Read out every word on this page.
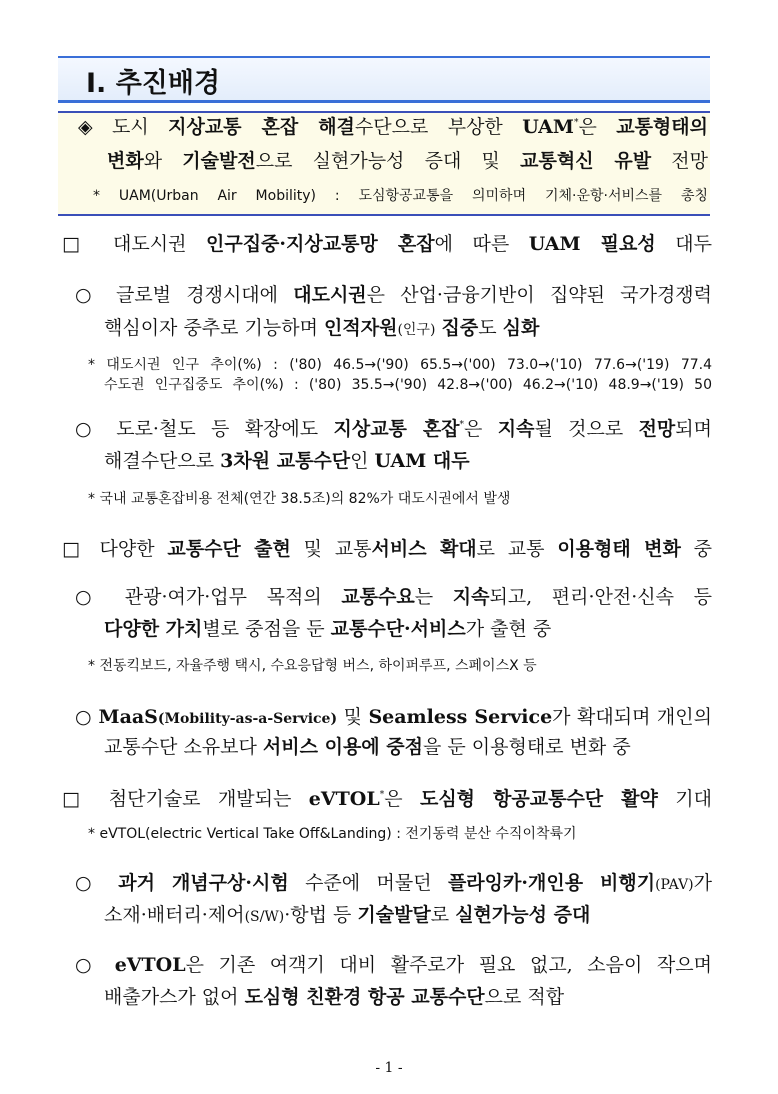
Ⅰ. 추진배경
◈ 도시 지상교통 혼잡 해결수단으로 부상한 UAM*은 교통형태의
변화와 기술발전으로 실현가능성 증대 및 교통혁신 유발 전망
* UAM(Urban Air Mobility) : 도심항공교통을 의미하며 기체·운항·서비스를 총칭
□ 대도시권 인구집중·지상교통망 혼잡에 따른 UAM 필요성 대두
○ 글로벌 경쟁시대에 대도시권은 산업·금융기반이 집약된 국가경쟁력
핵심이자 중추로 기능하며 인적자원(인구) 집중도 심화
* 대도시권 인구 추이(%) : ('80) 46.5→('90) 65.5→('00) 73.0→('10) 77.6→('19) 77.4
수도권 인구집중도 추이(%) : ('80) 35.5→('90) 42.8→('00) 46.2→('10) 48.9→('19) 50
○ 도로·철도 등 확장에도 지상교통 혼잡*은 지속될 것으로 전망되며
해결수단으로 3차원 교통수단인 UAM 대두
* 국내 교통혼잡비용 전체(연간 38.5조)의 82%가 대도시권에서 발생
□ 다양한 교통수단 출현 및 교통서비스 확대로 교통 이용형태 변화 중
○ 관광·여가·업무 목적의 교통수요는 지속되고, 편리·안전·신속 등
다양한 가치별로 중점을 둔 교통수단·서비스가 출현 중
* 전동킥보드, 자율주행 택시, 수요응답형 버스, 하이퍼루프, 스페이스X 등
○ MaaS(Mobility-as-a-Service) 및 Seamless Service가 확대되며 개인의
교통수단 소유보다 서비스 이용에 중점을 둔 이용형태로 변화 중
□ 첨단기술로 개발되는 eVTOL*은 도심형 항공교통수단 활약 기대
* eVTOL(electric Vertical Take Off&Landing) : 전기동력 분산 수직이착륙기
○ 과거 개념구상·시험 수준에 머물던 플라잉카·개인용 비행기(PAV)가
소재·배터리·제어(S/W)·항법 등 기술발달로 실현가능성 증대
○ eVTOL은 기존 여객기 대비 활주로가 필요 없고, 소음이 작으며
배출가스가 없어 도심형 친환경 항공 교통수단으로 적합
- 1 -
